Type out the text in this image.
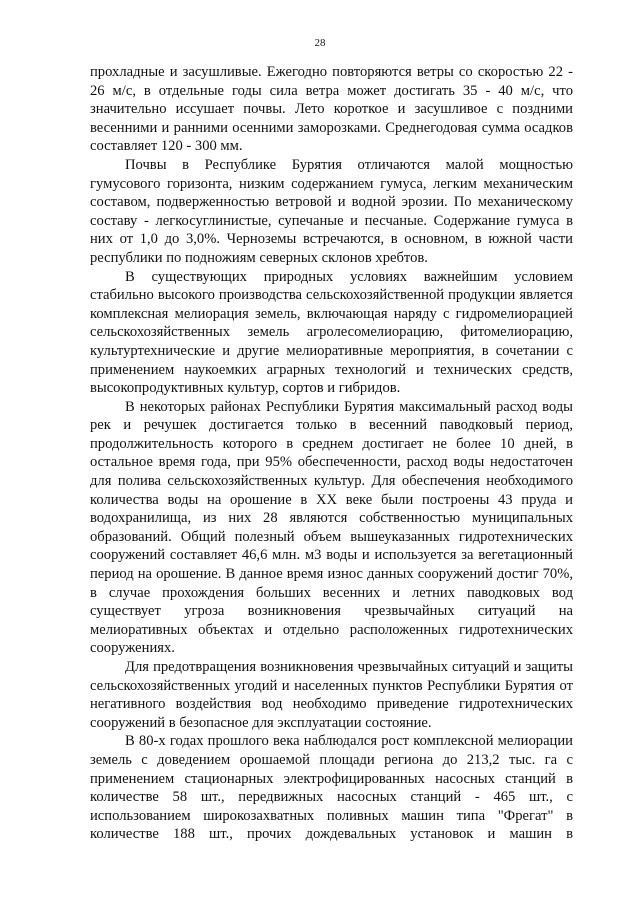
28

прохладные и засушливые. Ежегодно повторяются ветры со скоростью 22 - 26 м/с, в отдельные годы сила ветра может достигать 35 - 40 м/с, что значительно иссушает почвы. Лето короткое и засушливое с поздними весенними и ранними осенними заморозками. Среднегодовая сумма осадков составляет 120 - 300 мм.

Почвы в Республике Бурятия отличаются малой мощностью гумусового горизонта, низким содержанием гумуса, легким механическим составом, подверженностью ветровой и водной эрозии. По механическому составу - легкосуглинистые, супечаные и песчаные. Содержание гумуса в них от 1,0 до 3,0%. Черноземы встречаются, в основном, в южной части республики по подножиям северных склонов хребтов.

В существующих природных условиях важнейшим условием стабильно высокого производства сельскохозяйственной продукции является комплексная мелиорация земель, включающая наряду с гидромелиорацией сельскохозяйственных земель агролесомелиорацию, фитомелиорацию, культуртехнические и другие мелиоративные мероприятия, в сочетании с применением наукоемких аграрных технологий и технических средств, высокопродуктивных культур, сортов и гибридов.

В некоторых районах Республики Бурятия максимальный расход воды рек и речушек достигается только в весенний паводковый период, продолжительность которого в среднем достигает не более 10 дней, в остальное время года, при 95% обеспеченности, расход воды недостаточен для полива сельскохозяйственных культур. Для обеспечения необходимого количества воды на орошение в XX веке были построены 43 пруда и водохранилища, из них 28 являются собственностью муниципальных образований. Общий полезный объем вышеуказанных гидротехнических сооружений составляет 46,6 млн. м3 воды и используется за вегетационный период на орошение. В данное время износ данных сооружений достиг 70%, в случае прохождения больших весенних и летних паводковых вод существует угроза возникновения чрезвычайных ситуаций на мелиоративных объектах и отдельно расположенных гидротехнических сооружениях.

Для предотвращения возникновения чрезвычайных ситуаций и защиты сельскохозяйственных угодий и населенных пунктов Республики Бурятия от негативного воздействия вод необходимо приведение гидротехнических сооружений в безопасное для эксплуатации состояние.

В 80-х годах прошлого века наблюдался рост комплексной мелиорации земель с доведением орошаемой площади региона до 213,2 тыс. га с применением стационарных электрофицированных насосных станций в количестве 58 шт., передвижных насосных станций - 465 шт., с использованием широкозахватных поливных машин типа "Фрегат" в количестве 188 шт., прочих дождевальных установок и машин в
